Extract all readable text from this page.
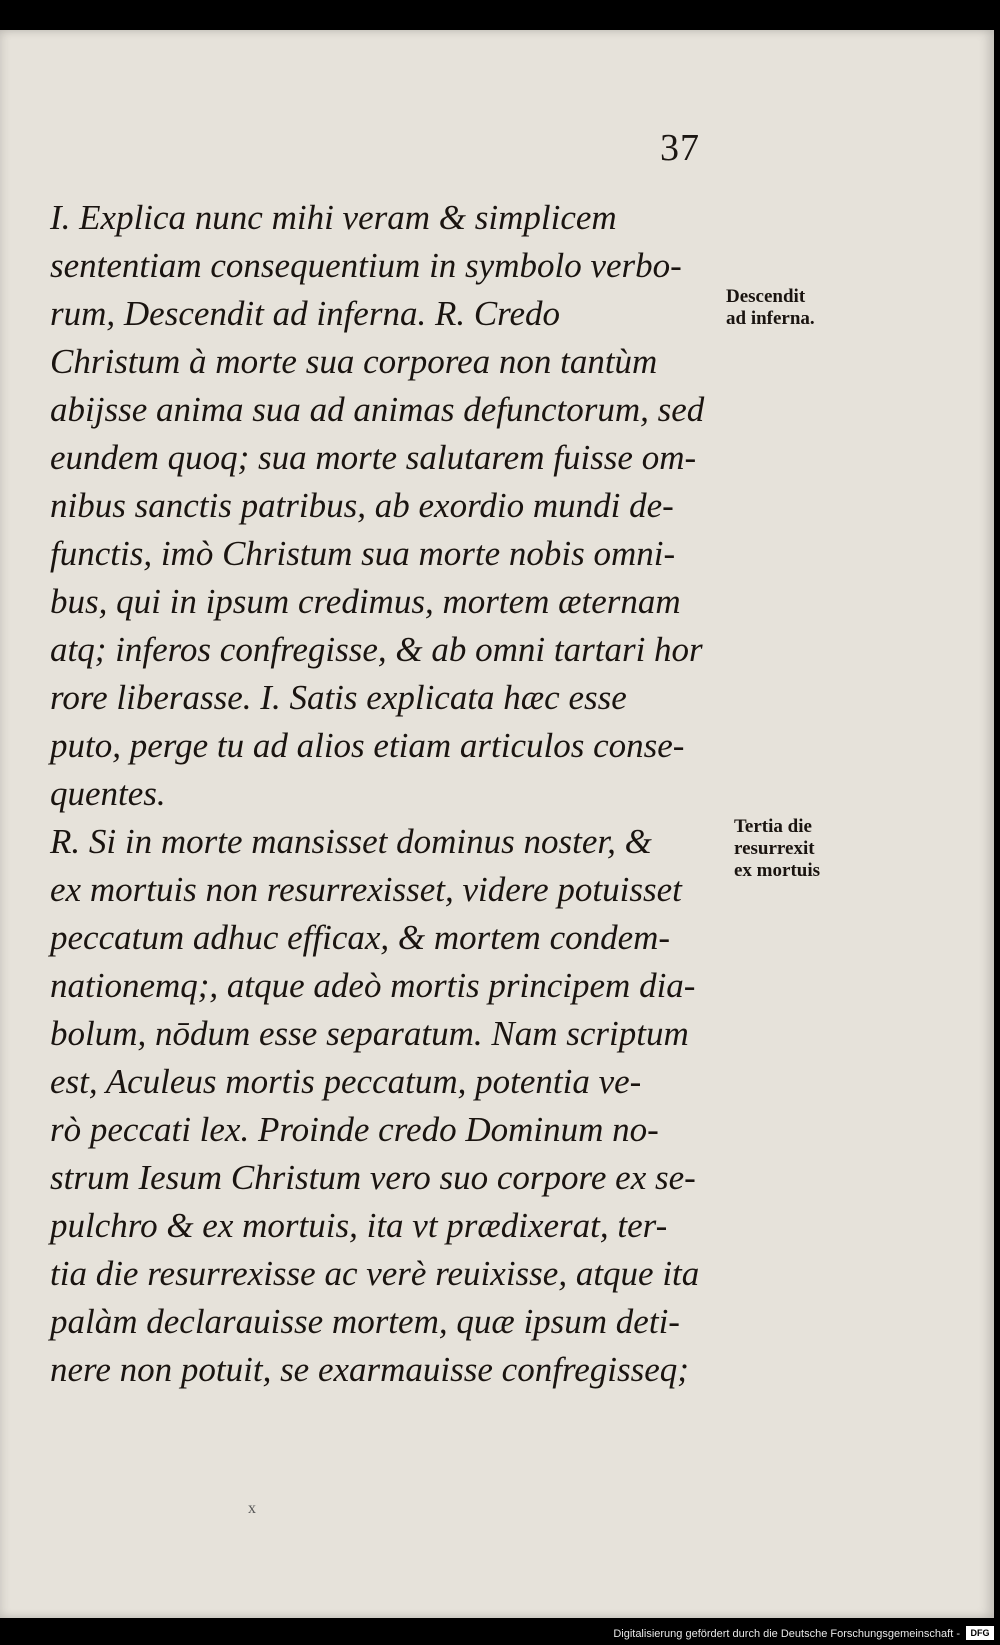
37
I. Explica nunc mihi veram & simplicem
sententiam consequentium in symbolo verbo-
rum, Descendit ad inferna. R. Credo
Christum à morte sua corporea non tantùm
abijsse anima sua ad animas defunctorum, sed
eundem quoq; sua morte salutarem fuisse om-
nibus sanctis patribus, ab exordio mundi de-
functis, imò Christum sua morte nobis omni-
bus, qui in ipsum credimus, mortem æternam
atq; inferos confregisse, & ab omni tartari hor
rore liberasse. I. Satis explicata hæc esse
puto, perge tu ad alios etiam articulos conse-
quentes.
R. Si in morte mansisset dominus noster, &
ex mortuis non resurrexisset, videre potuisset
peccatum adhuc efficax, & mortem condem-
nationemq;, atque adeò mortis principem dia-
bolum, nōdum esse separatum. Nam scriptum
est, Aculeus mortis peccatum, potentia ve-
rò peccati lex. Proinde credo Dominum no-
strum Iesum Christum vero suo corpore ex se-
pulchro & ex mortuis, ita vt prædixerat, ter-
tia die resurrexisse ac verè reuixisse, atque ita
palàm declarauisse mortem, quæ ipsum deti-
nere non potuit, se exarmauisse confregisseq;
Descendit
ad inferna.
Tertia die
resurrexit
ex mortuis
x
Digitalisierung gefördert durch die Deutsche Forschungsgemeinschaft -	DFG
